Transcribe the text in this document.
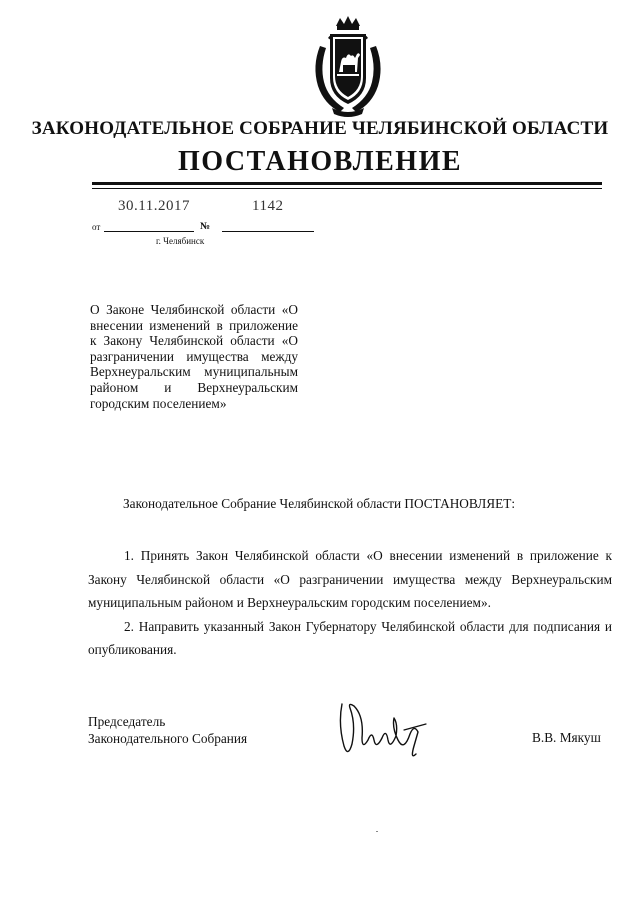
ЗАКОНОДАТЕЛЬНОЕ СОБРАНИЕ ЧЕЛЯБИНСКОЙ ОБЛАСТИ
ПОСТАНОВЛЕНИЕ
30.11.2017	1142
от	№
г. Челябинск
О Законе Челябинской области «О внесении изменений в приложение к Закону Челябинской области «О разграничении имущества между Верхнеуральским муниципальным районом и Верхнеуральским городским поселением»
Законодательное Собрание Челябинской области ПОСТАНОВЛЯЕТ:

1. Принять Закон Челябинской области «О внесении изменений в приложение к Закону Челябинской области «О разграничении имущества между Верхнеуральским муниципальным районом и Верхнеуральским городским поселением».

2. Направить указанный Закон Губернатору Челябинской области для подписания и опубликования.

Председатель
Законодательного Собрания	В.В. Мякуш
